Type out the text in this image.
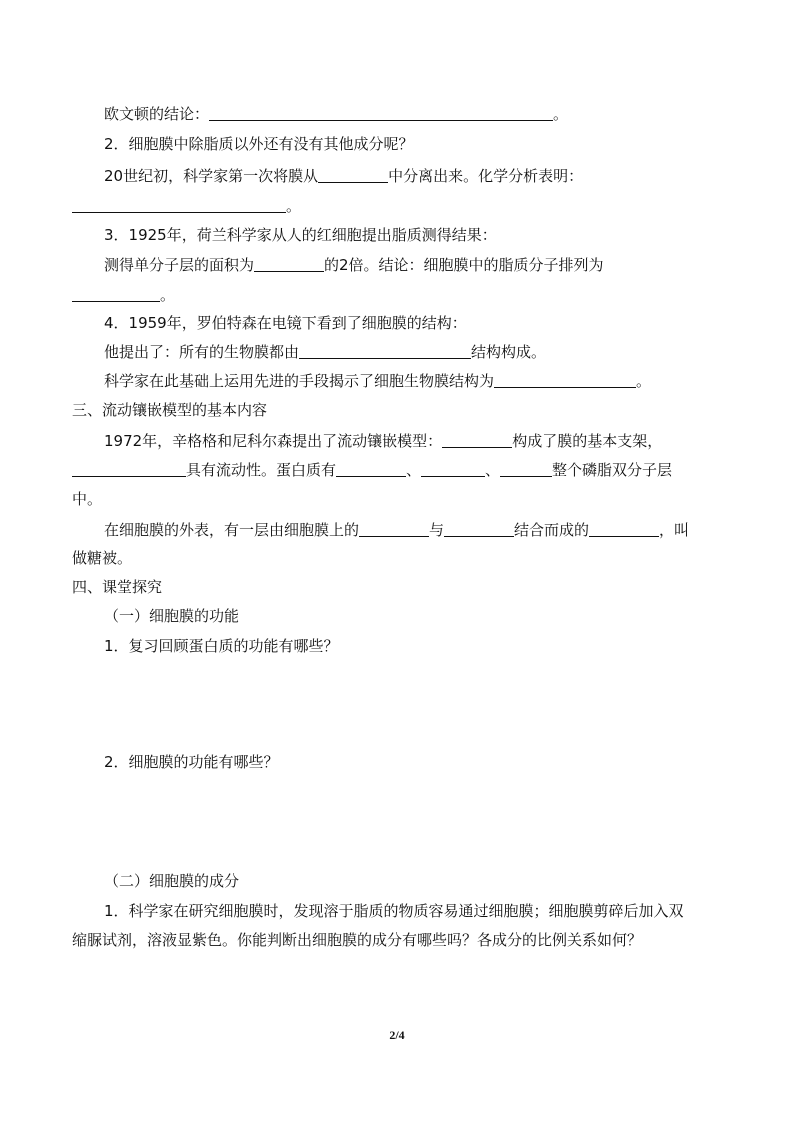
欧文顿的结论：	。
2．细胞膜中除脂质以外还有没有其他成分呢？
20世纪初，科学家第一次将膜从	中分离出来。化学分析表明：
。
3．1925年，荷兰科学家从人的红细胞提出脂质测得结果：
测得单分子层的面积为	的2倍。结论：细胞膜中的脂质分子排列为
。
4．1959年，罗伯特森在电镜下看到了细胞膜的结构：
他提出了：所有的生物膜都由	结构构成。
科学家在此基础上运用先进的手段揭示了细胞生物膜结构为	。
三、流动镶嵌模型的基本内容
1972年，辛格格和尼科尔森提出了流动镶嵌模型：	构成了膜的基本支架，
具有流动性。蛋白质有	、	、	整个磷脂双分子层
中。
在细胞膜的外表，有一层由细胞膜上的	与	结合而成的	，叫
做糖被。
四、课堂探究
（一）细胞膜的功能
1．复习回顾蛋白质的功能有哪些？
2．细胞膜的功能有哪些？
（二）细胞膜的成分
1．科学家在研究细胞膜时，发现溶于脂质的物质容易通过细胞膜；细胞膜剪碎后加入双
缩脲试剂，溶液显紫色。你能判断出细胞膜的成分有哪些吗？各成分的比例关系如何？
2/4
